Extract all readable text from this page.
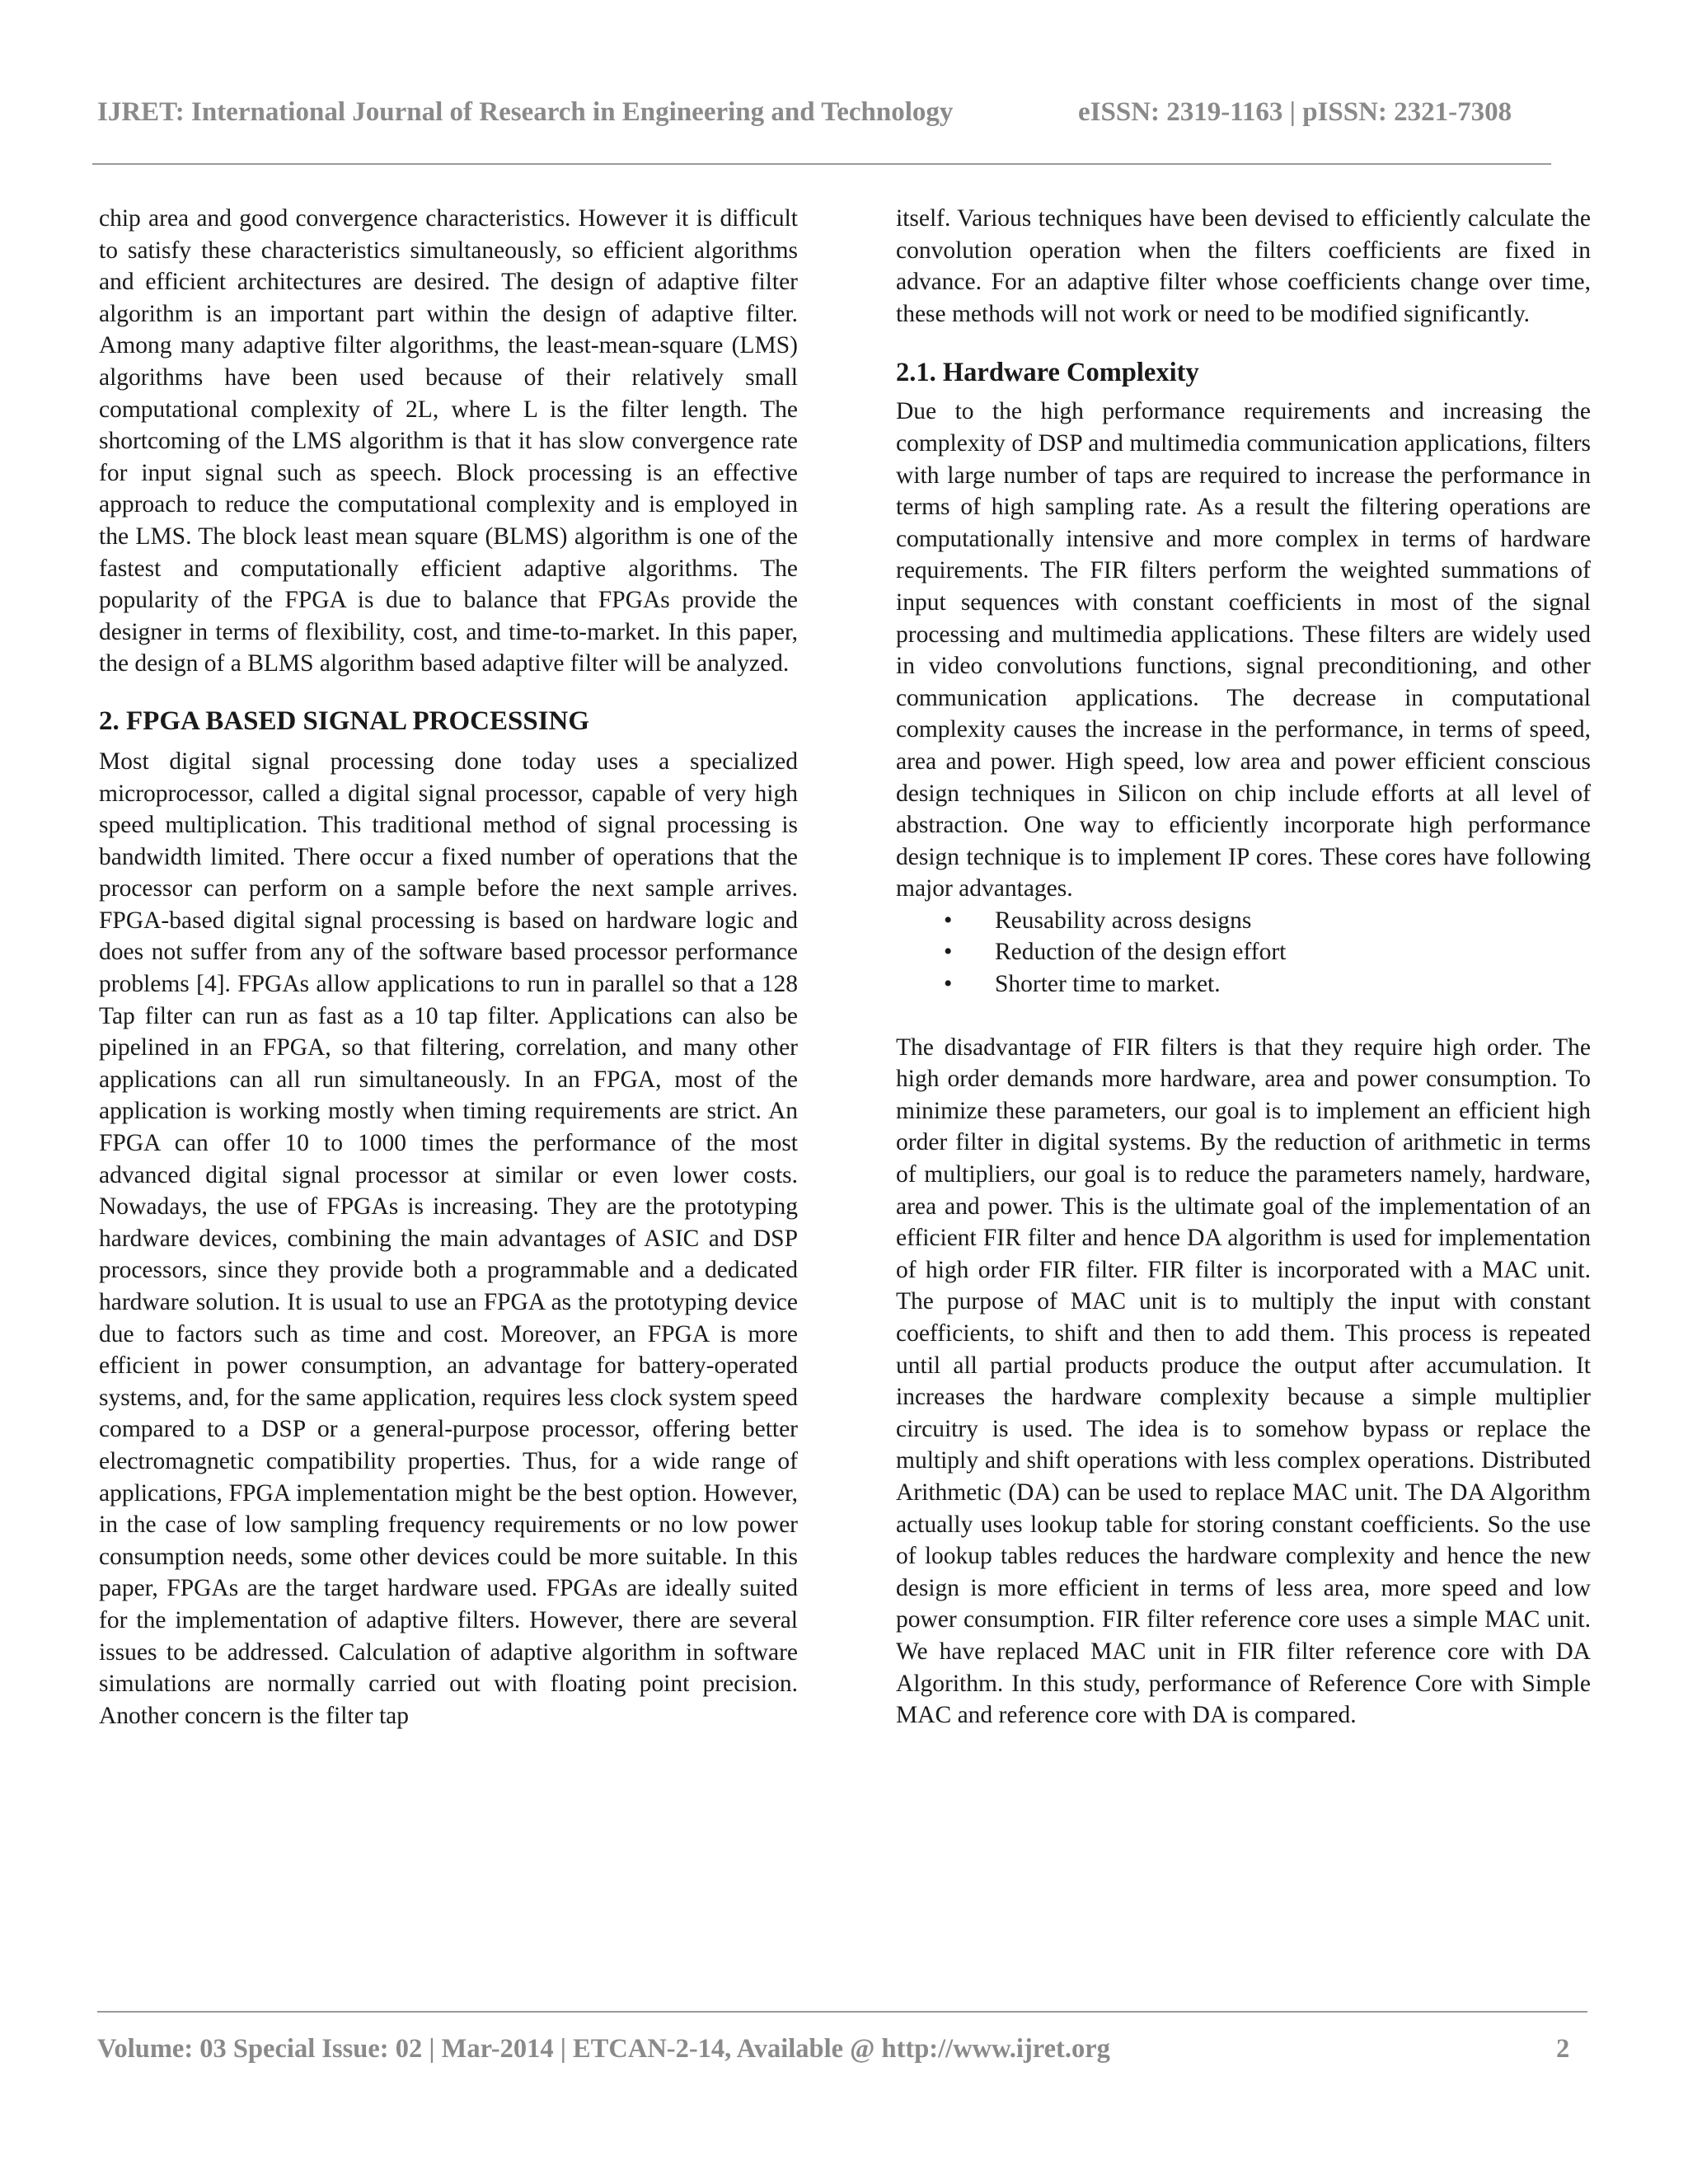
IJRET: International Journal of Research in Engineering and Technology	eISSN: 2319-1163 | pISSN: 2321-7308

chip area and good convergence characteristics. However it is difficult to satisfy these characteristics simultaneously, so efficient algorithms and efficient architectures are desired. The design of adaptive filter algorithm is an important part within the design of adaptive filter. Among many adaptive filter algorithms, the least-mean-square (LMS) algorithms have been used because of their relatively small computational complexity of 2L, where L is the filter length. The shortcoming of the LMS algorithm is that it has slow convergence rate for input signal such as speech. Block processing is an effective approach to reduce the computational complexity and is employed in the LMS. The block least mean square (BLMS) algorithm is one of the fastest and computationally efficient adaptive algorithms. The popularity of the FPGA is due to balance that FPGAs provide the designer in terms of flexibility, cost, and time-to-market. In this paper, the design of a BLMS algorithm based adaptive filter will be analyzed.

2. FPGA BASED SIGNAL PROCESSING

Most digital signal processing done today uses a specialized microprocessor, called a digital signal processor, capable of very high speed multiplication. This traditional method of signal processing is bandwidth limited. There occur a fixed number of operations that the processor can perform on a sample before the next sample arrives. FPGA-based digital signal processing is based on hardware logic and does not suffer from any of the software based processor performance problems [4]. FPGAs allow applications to run in parallel so that a 128 Tap filter can run as fast as a 10 tap filter. Applications can also be pipelined in an FPGA, so that filtering, correlation, and many other applications can all run simultaneously. In an FPGA, most of the application is working mostly when timing requirements are strict. An FPGA can offer 10 to 1000 times the performance of the most advanced digital signal processor at similar or even lower costs. Nowadays, the use of FPGAs is increasing. They are the prototyping hardware devices, combining the main advantages of ASIC and DSP processors, since they provide both a programmable and a dedicated hardware solution. It is usual to use an FPGA as the prototyping device due to factors such as time and cost. Moreover, an FPGA is more efficient in power consumption, an advantage for battery-operated systems, and, for the same application, requires less clock system speed compared to a DSP or a general-purpose processor, offering better electromagnetic compatibility properties. Thus, for a wide range of applications, FPGA implementation might be the best option. However, in the case of low sampling frequency requirements or no low power consumption needs, some other devices could be more suitable. In this paper, FPGAs are the target hardware used. FPGAs are ideally suited for the implementation of adaptive filters. However, there are several issues to be addressed. Calculation of adaptive algorithm in software simulations are normally carried out with floating point precision. Another concern is the filter tap

itself. Various techniques have been devised to efficiently calculate the convolution operation when the filters coefficients are fixed in advance. For an adaptive filter whose coefficients change over time, these methods will not work or need to be modified significantly.

2.1. Hardware Complexity

Due to the high performance requirements and increasing the complexity of DSP and multimedia communication applications, filters with large number of taps are required to increase the performance in terms of high sampling rate. As a result the filtering operations are computationally intensive and more complex in terms of hardware requirements. The FIR filters perform the weighted summations of input sequences with constant coefficients in most of the signal processing and multimedia applications. These filters are widely used in video convolutions functions, signal preconditioning, and other communication applications. The decrease in computational complexity causes the increase in the performance, in terms of speed, area and power. High speed, low area and power efficient conscious design techniques in Silicon on chip include efforts at all level of abstraction. One way to efficiently incorporate high performance design technique is to implement IP cores. These cores have following major advantages.

• Reusability across designs
• Reduction of the design effort
• Shorter time to market.

The disadvantage of FIR filters is that they require high order. The high order demands more hardware, area and power consumption. To minimize these parameters, our goal is to implement an efficient high order filter in digital systems. By the reduction of arithmetic in terms of multipliers, our goal is to reduce the parameters namely, hardware, area and power. This is the ultimate goal of the implementation of an efficient FIR filter and hence DA algorithm is used for implementation of high order FIR filter. FIR filter is incorporated with a MAC unit. The purpose of MAC unit is to multiply the input with constant coefficients, to shift and then to add them. This process is repeated until all partial products produce the output after accumulation. It increases the hardware complexity because a simple multiplier circuitry is used. The idea is to somehow bypass or replace the multiply and shift operations with less complex operations. Distributed Arithmetic (DA) can be used to replace MAC unit. The DA Algorithm actually uses lookup table for storing constant coefficients. So the use of lookup tables reduces the hardware complexity and hence the new design is more efficient in terms of less area, more speed and low power consumption. FIR filter reference core uses a simple MAC unit. We have replaced MAC unit in FIR filter reference core with DA Algorithm. In this study, performance of Reference Core with Simple MAC and reference core with DA is compared.

Volume: 03 Special Issue: 02 | Mar-2014 | ETCAN-2-14, Available @ http://www.ijret.org	2
